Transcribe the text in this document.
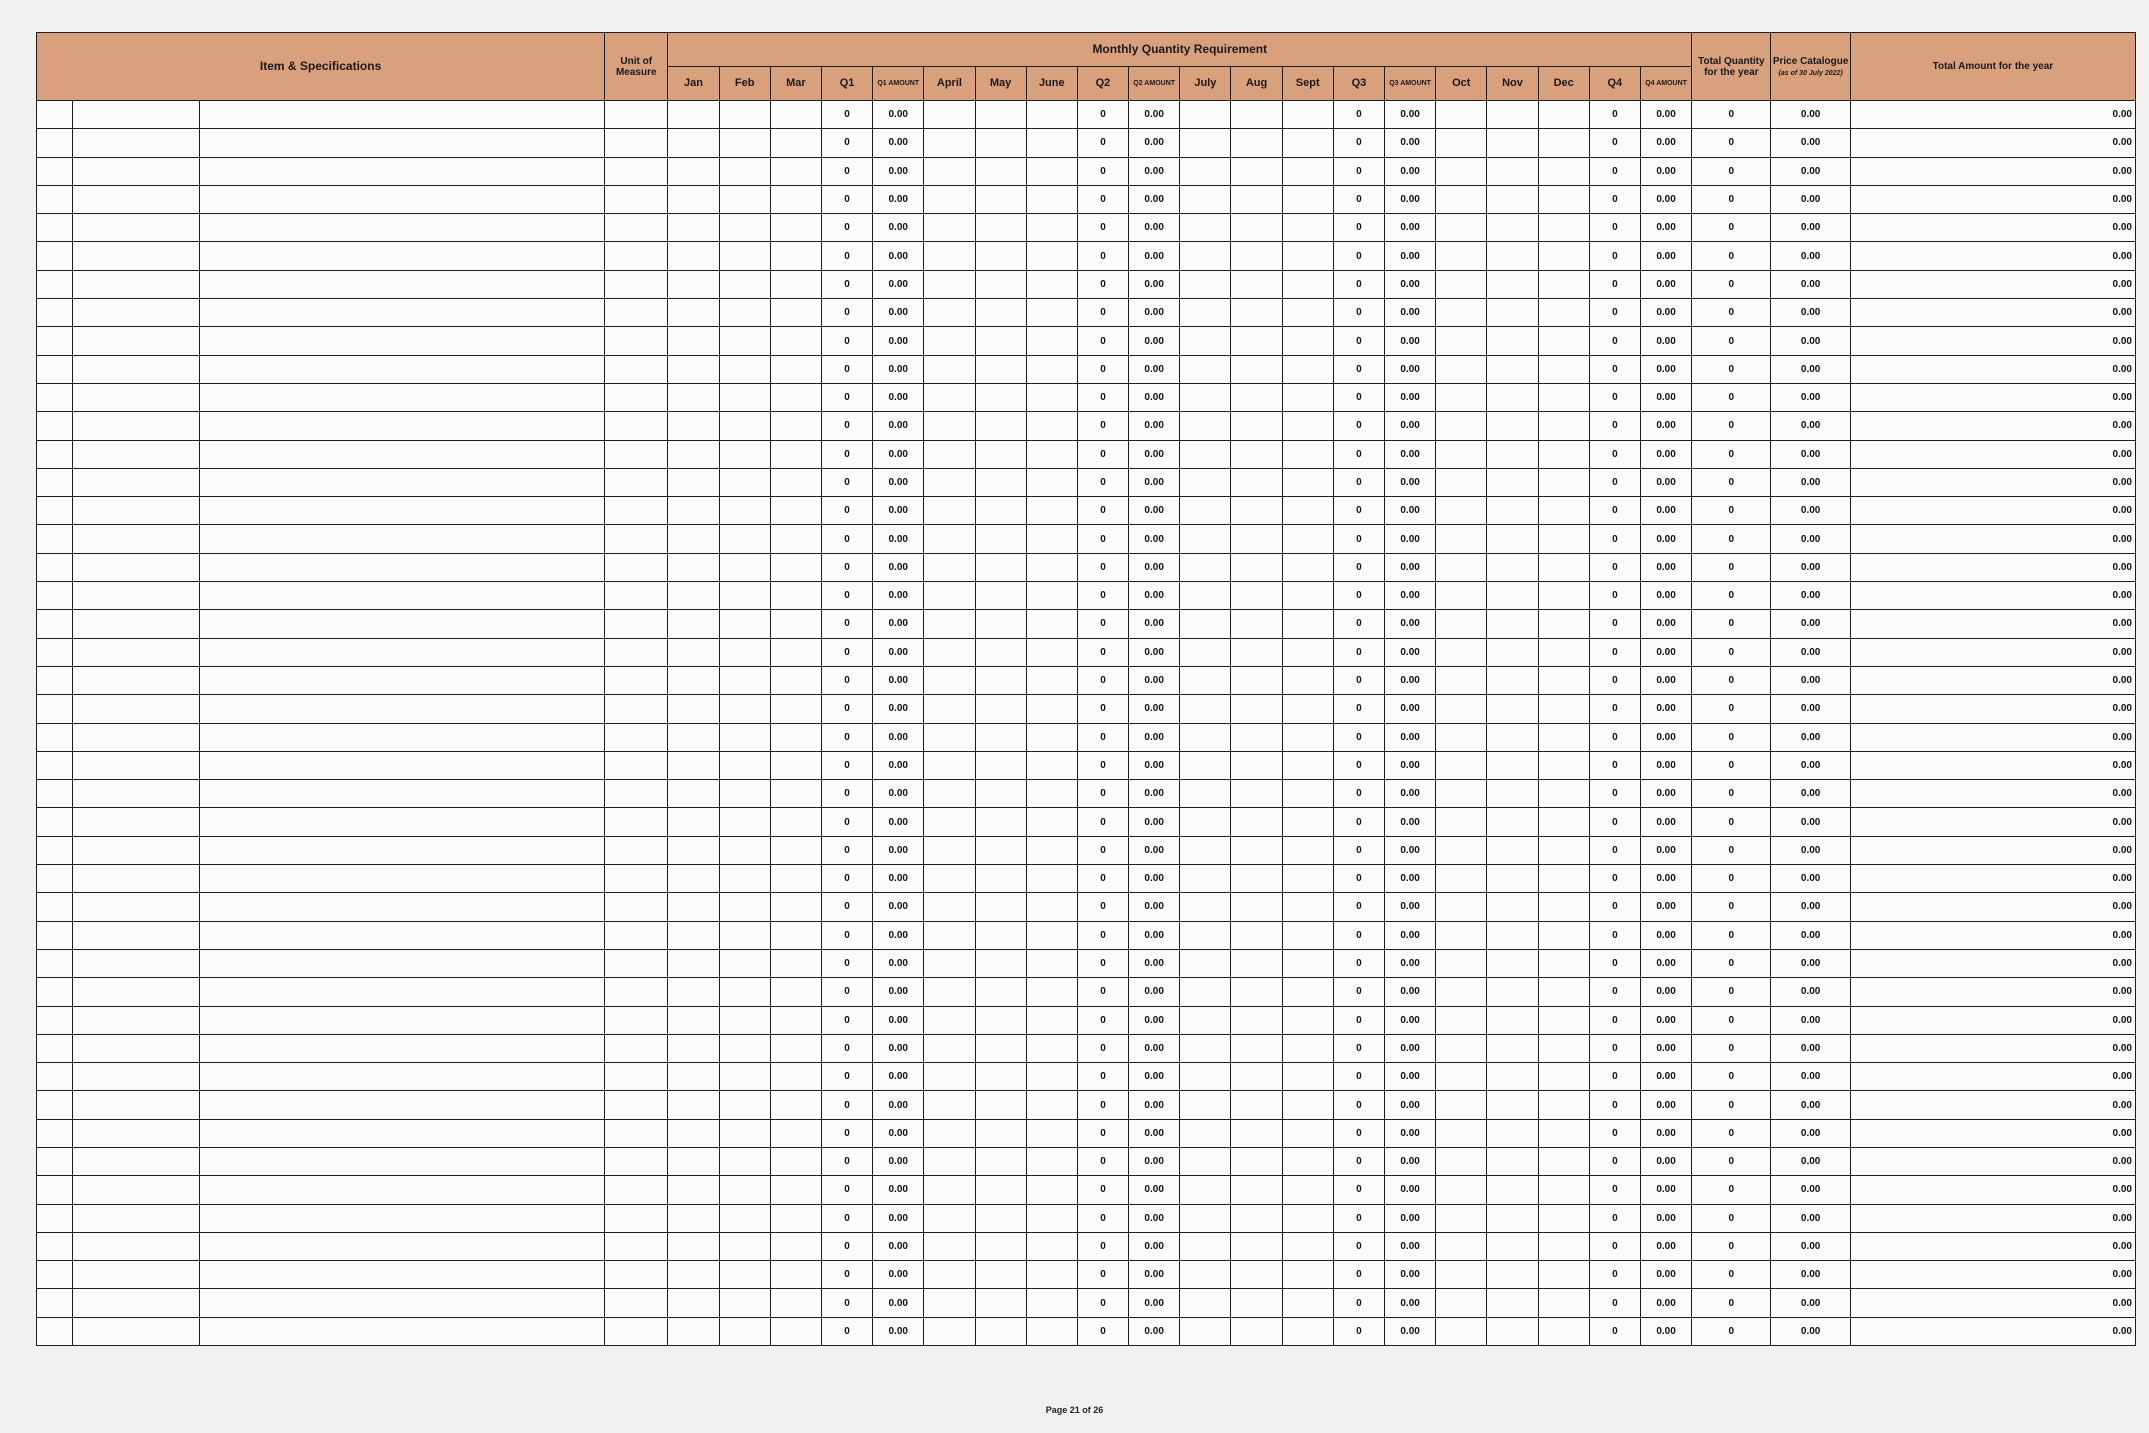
Item & Specifications			Unit of Measure	Monthly Quantity Requirement																				Total Quantity for the year	Price Catalogue (as of 30 July 2022)	Total Amount for the year
				Jan	Feb	Mar	Q1	Q1 AMOUNT	April	May	June	Q2	Q2 AMOUNT	July	Aug	Sept	Q3	Q3 AMOUNT	Oct	Nov	Dec	Q4	Q4 AMOUNT			
							0	0.00				0	0.00				0	0.00				0	0.00	0	0.00	0.00
							0	0.00				0	0.00				0	0.00				0	0.00	0	0.00	0.00
							0	0.00				0	0.00				0	0.00				0	0.00	0	0.00	0.00
							0	0.00				0	0.00				0	0.00				0	0.00	0	0.00	0.00
							0	0.00				0	0.00				0	0.00				0	0.00	0	0.00	0.00
							0	0.00				0	0.00				0	0.00				0	0.00	0	0.00	0.00
							0	0.00				0	0.00				0	0.00				0	0.00	0	0.00	0.00
							0	0.00				0	0.00				0	0.00				0	0.00	0	0.00	0.00
							0	0.00				0	0.00				0	0.00				0	0.00	0	0.00	0.00
							0	0.00				0	0.00				0	0.00				0	0.00	0	0.00	0.00
							0	0.00				0	0.00				0	0.00				0	0.00	0	0.00	0.00
							0	0.00				0	0.00				0	0.00				0	0.00	0	0.00	0.00
							0	0.00				0	0.00				0	0.00				0	0.00	0	0.00	0.00
							0	0.00				0	0.00				0	0.00				0	0.00	0	0.00	0.00
							0	0.00				0	0.00				0	0.00				0	0.00	0	0.00	0.00
							0	0.00				0	0.00				0	0.00				0	0.00	0	0.00	0.00
							0	0.00				0	0.00				0	0.00				0	0.00	0	0.00	0.00
							0	0.00				0	0.00				0	0.00				0	0.00	0	0.00	0.00
							0	0.00				0	0.00				0	0.00				0	0.00	0	0.00	0.00
							0	0.00				0	0.00				0	0.00				0	0.00	0	0.00	0.00
							0	0.00				0	0.00				0	0.00				0	0.00	0	0.00	0.00
							0	0.00				0	0.00				0	0.00				0	0.00	0	0.00	0.00
							0	0.00				0	0.00				0	0.00				0	0.00	0	0.00	0.00
							0	0.00				0	0.00				0	0.00				0	0.00	0	0.00	0.00
							0	0.00				0	0.00				0	0.00				0	0.00	0	0.00	0.00
							0	0.00				0	0.00				0	0.00				0	0.00	0	0.00	0.00
							0	0.00				0	0.00				0	0.00				0	0.00	0	0.00	0.00
							0	0.00				0	0.00				0	0.00				0	0.00	0	0.00	0.00
							0	0.00				0	0.00				0	0.00				0	0.00	0	0.00	0.00
							0	0.00				0	0.00				0	0.00				0	0.00	0	0.00	0.00
							0	0.00				0	0.00				0	0.00				0	0.00	0	0.00	0.00
							0	0.00				0	0.00				0	0.00				0	0.00	0	0.00	0.00
							0	0.00				0	0.00				0	0.00				0	0.00	0	0.00	0.00
							0	0.00				0	0.00				0	0.00				0	0.00	0	0.00	0.00
							0	0.00				0	0.00				0	0.00				0	0.00	0	0.00	0.00
							0	0.00				0	0.00				0	0.00				0	0.00	0	0.00	0.00
							0	0.00				0	0.00				0	0.00				0	0.00	0	0.00	0.00
							0	0.00				0	0.00				0	0.00				0	0.00	0	0.00	0.00
							0	0.00				0	0.00				0	0.00				0	0.00	0	0.00	0.00
							0	0.00				0	0.00				0	0.00				0	0.00	0	0.00	0.00
							0	0.00				0	0.00				0	0.00				0	0.00	0	0.00	0.00
							0	0.00				0	0.00				0	0.00				0	0.00	0	0.00	0.00
							0	0.00				0	0.00				0	0.00				0	0.00	0	0.00	0.00
							0	0.00				0	0.00				0	0.00				0	0.00	0	0.00	0.00
Page 21 of 26
